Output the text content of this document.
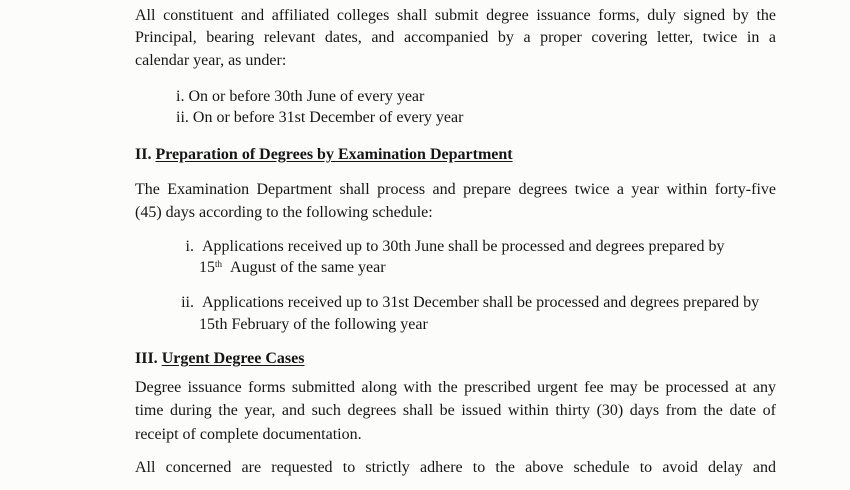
All constituent and affiliated colleges shall submit degree issuance forms, duly signed by the
Principal, bearing relevant dates, and accompanied by a proper covering letter, twice in a
calendar year, as under:
i. On or before 30th June of every year
ii. On or before 31st December of every year
II. Preparation of Degrees by Examination Department
The Examination Department shall process and prepare degrees twice a year within forty-five
(45) days according to the following schedule:
i. Applications received up to 30th June shall be processed and degrees prepared by
15th August of the same year
ii. Applications received up to 31st December shall be processed and degrees prepared by
15th February of the following year
III. Urgent Degree Cases
Degree issuance forms submitted along with the prescribed urgent fee may be processed at any
time during the year, and such degrees shall be issued within thirty (30) days from the date of
receipt of complete documentation.
All concerned are requested to strictly adhere to the above schedule to avoid delay and
